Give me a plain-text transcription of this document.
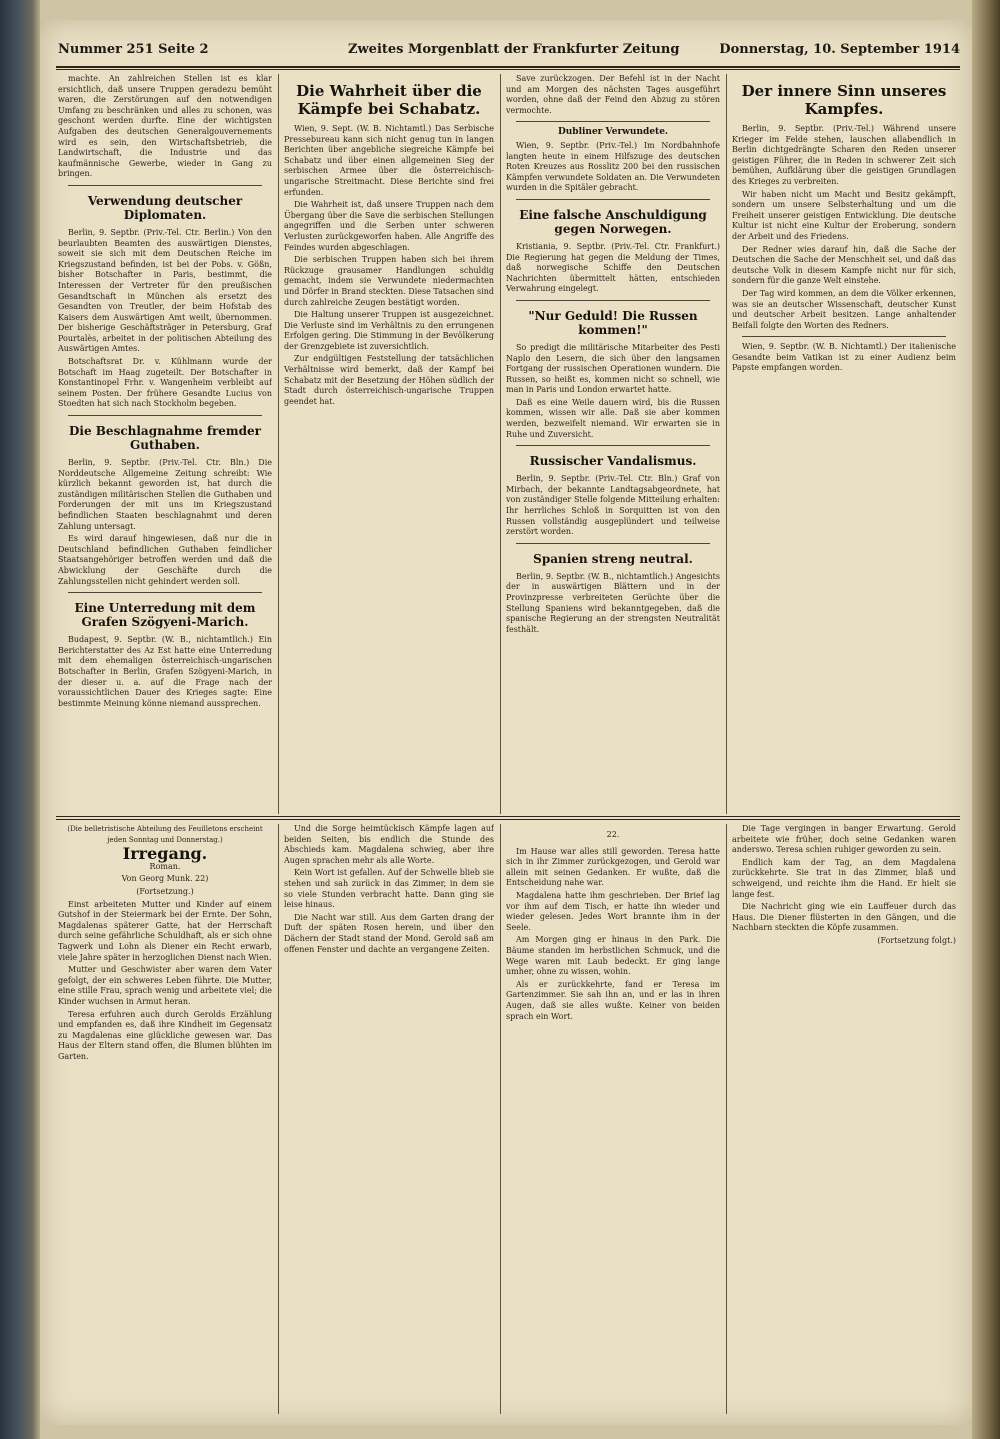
Nummer 251 Seite 2	Zweites Morgenblatt der Frankfurter Zeitung	Donnerstag, 10. September 1914

machte. An zahlreichen Stellen ist es klar ersichtlich, daß unsere Truppen geradezu bemüht waren, die Zerstörungen auf den notwendigen Umfang zu beschränken und alles zu schonen, was geschont werden durfte. Eine der wichtigsten Aufgaben des deutschen Generalgouvernements wird es sein, den Wirtschaftsbetrieb, die Landwirtschaft, die Industrie und das kaufmännische Gewerbe, wieder in Gang zu bringen.

Verwendung deutscher Diplomaten.

Berlin, 9. Septbr. (Priv.-Tel. Ctr. Berlin.) Von den beurlaubten Beamten des auswärtigen Dienstes, soweit sie sich mit dem Deutschen Reiche im Kriegszustand befinden, ist bei der Pobs. v. Gößn, bisher Botschafter in Paris, bestimmt, die Interessen der Vertreter für den preußischen Gesandtschaft in München als ersetzt des Gesandten von Treutler, der beim Hofstab des Kaisers dem Auswärtigen Amt weilt, übernommen. Der bisherige Geschäftsträger in Petersburg, Graf Pourtalès, arbeitet in der politischen Abteilung des Auswärtigen Amtes.

Botschaftsrat Dr. v. Kühlmann wurde der Botschaft im Haag zugeteilt. Der Botschafter in Konstantinopel Frhr. v. Wangenheim verbleibt auf seinem Posten. Der frühere Gesandte Lucius von Stoedten hat sich nach Stockholm begeben.

Die Beschlagnahme fremder Guthaben.

Berlin, 9. Septbr. (Priv.-Tel. Ctr. Bln.) Die Norddeutsche Allgemeine Zeitung schreibt: Wie kürzlich bekannt geworden ist, hat durch die zuständigen militärischen Stellen die Guthaben und Forderungen der mit uns im Kriegszustand befindlichen Staaten beschlagnahmt und deren Zahlung untersagt.

Es wird darauf hingewiesen, daß nur die in Deutschland befindlichen Guthaben feindlicher Staatsangehöriger betroffen werden und daß die Abwicklung der Geschäfte durch die Zahlungsstellen nicht gehindert werden soll.

Eine Unterredung mit dem Grafen Szögyeni-Marich.

Budapest, 9. Septbr. (W. B., nichtamtlich.) Ein Berichterstatter des Az Est hatte eine Unterredung mit dem ehemaligen österreichisch-ungarischen Botschafter in Berlin, Grafen Szögyeni-Marich, in der dieser u. a. auf die Frage nach der voraussichtlichen Dauer des Krieges sagte: Eine bestimmte Meinung könne niemand aussprechen.

Die Wahrheit über die Kämpfe bei Schabatz.

Wien, 9. Sept. (W. B. Nichtamtl.) Das Serbische Pressebureau kann sich nicht genug tun in langen Berichten über angebliche siegreiche Kämpfe bei Schabatz und über einen allgemeinen Sieg der serbischen Armee über die österreichisch-ungarische Streitmacht. Diese Berichte sind frei erfunden.

Die Wahrheit ist, daß unsere Truppen nach dem Übergang über die Save die serbischen Stellungen angegriffen und die Serben unter schweren Verlusten zurückgeworfen haben. Alle Angriffe des Feindes wurden abgeschlagen.

Die serbischen Truppen haben sich bei ihrem Rückzuge grausamer Handlungen schuldig gemacht, indem sie Verwundete niedermachten und Dörfer in Brand steckten. Diese Tatsachen sind durch zahlreiche Zeugen bestätigt worden.

Die Haltung unserer Truppen ist ausgezeichnet. Die Verluste sind im Verhältnis zu den errungenen Erfolgen gering. Die Stimmung in der Bevölkerung der Grenzgebiete ist zuversichtlich.

Zur endgültigen Feststellung der tatsächlichen Verhältnisse wird bemerkt, daß der Kampf bei Schabatz mit der Besetzung der Höhen südlich der Stadt durch österreichisch-ungarische Truppen geendet hat.

Save zurückzogen. Der Befehl ist in der Nacht und am Morgen des nächsten Tages ausgeführt worden, ohne daß der Feind den Abzug zu stören vermochte.

Dubliner Verwundete.

Wien, 9. Septbr. (Priv.-Tel.) Im Nordbahnhofe langten heute in einem Hilfszuge des deutschen Roten Kreuzes aus Rosslitz 200 bei den russischen Kämpfen verwundete Soldaten an. Die Verwundeten wurden in die Spitäler gebracht.

Eine falsche Anschuldigung gegen Norwegen.

Kristiania, 9. Septbr. (Priv.-Tel. Ctr. Frankfurt.) Die Regierung hat gegen die Meldung der Times, daß norwegische Schiffe den Deutschen Nachrichten übermittelt hätten, entschieden Verwahrung eingelegt.

"Nur Geduld! Die Russen kommen!"

So predigt die militärische Mitarbeiter des Pesti Naplo den Lesern, die sich über den langsamen Fortgang der russischen Operationen wundern. Die Russen, so heißt es, kommen nicht so schnell, wie man in Paris und London erwartet hatte.

Daß es eine Weile dauern wird, bis die Russen kommen, wissen wir alle. Daß sie aber kommen werden, bezweifelt niemand. Wir erwarten sie in Ruhe und Zuversicht.

Russischer Vandalismus.

Berlin, 9. Septbr. (Priv.-Tel. Ctr. Bln.) Graf von Mirbach, der bekannte Landtagsabgeordnete, hat von zuständiger Stelle folgende Mitteilung erhalten: Ihr herrliches Schloß in Sorquitten ist von den Russen vollständig ausgeplündert und teilweise zerstört worden.

Spanien streng neutral.

Berlin, 9. Septbr. (W. B., nichtamtlich.) Angesichts der in auswärtigen Blättern und in der Provinzpresse verbreiteten Gerüchte über die Stellung Spaniens wird bekanntgegeben, daß die spanische Regierung an der strengsten Neutralität festhält.

Der innere Sinn unseres Kampfes.

Berlin, 9. Septbr. (Priv.-Tel.) Während unsere Krieger im Felde stehen, lauschen allabendlich in Berlin dichtgedrängte Scharen den Reden unserer geistigen Führer, die in Reden in schwerer Zeit sich bemühen, Aufklärung über die geistigen Grundlagen des Krieges zu verbreiten.

Wir haben nicht um Macht und Besitz gekämpft, sondern um unsere Selbsterhaltung und um die Freiheit unserer geistigen Entwicklung. Die deutsche Kultur ist nicht eine Kultur der Eroberung, sondern der Arbeit und des Friedens.

Der Redner wies darauf hin, daß die Sache der Deutschen die Sache der Menschheit sei, und daß das deutsche Volk in diesem Kampfe nicht nur für sich, sondern für die ganze Welt einstehe.

Der Tag wird kommen, an dem die Völker erkennen, was sie an deutscher Wissenschaft, deutscher Kunst und deutscher Arbeit besitzen. Lange anhaltender Beifall folgte den Worten des Redners.

Wien, 9. Septbr. (W. B. Nichtamtl.) Der italienische Gesandte beim Vatikan ist zu einer Audienz beim Papste empfangen worden.

(Die belletristische Abteilung des Feuilletons erscheint jeden Sonntag und Donnerstag.)

Irregang.

Roman.

Von Georg Munk. 22)

(Fortsetzung.)

Einst arbeiteten Mutter und Kinder auf einem Gutshof in der Steiermark bei der Ernte. Der Sohn, Magdalenas späterer Gatte, hat der Herrschaft durch seine gefährliche Schuldhaft, als er sich ohne Tagwerk und Lohn als Diener ein Recht erwarb, viele Jahre später in herzoglichen Dienst nach Wien.

Mutter und Geschwister aber waren dem Vater gefolgt, der ein schweres Leben führte. Die Mutter, eine stille Frau, sprach wenig und arbeitete viel; die Kinder wuchsen in Armut heran.

Teresa erfuhren auch durch Gerolds Erzählung und empfanden es, daß ihre Kindheit im Gegensatz zu Magdalenas eine glückliche gewesen war. Das Haus der Eltern stand offen, die Blumen blühten im Garten.

Und die Sorge heimtückisch Kämpfe lagen auf beiden Seiten, bis endlich die Stunde des Abschieds kam. Magdalena schwieg, aber ihre Augen sprachen mehr als alle Worte.

Kein Wort ist gefallen. Auf der Schwelle blieb sie stehen und sah zurück in das Zimmer, in dem sie so viele Stunden verbracht hatte. Dann ging sie leise hinaus.

Die Nacht war still. Aus dem Garten drang der Duft der späten Rosen herein, und über den Dächern der Stadt stand der Mond. Gerold saß am offenen Fenster und dachte an vergangene Zeiten.

22.

Im Hause war alles still geworden. Teresa hatte sich in ihr Zimmer zurückgezogen, und Gerold war allein mit seinen Gedanken. Er wußte, daß die Entscheidung nahe war.

Magdalena hatte ihm geschrieben. Der Brief lag vor ihm auf dem Tisch, er hatte ihn wieder und wieder gelesen. Jedes Wort brannte ihm in der Seele.

Am Morgen ging er hinaus in den Park. Die Bäume standen im herbstlichen Schmuck, und die Wege waren mit Laub bedeckt. Er ging lange umher, ohne zu wissen, wohin.

Als er zurückkehrte, fand er Teresa im Gartenzimmer. Sie sah ihn an, und er las in ihren Augen, daß sie alles wußte. Keiner von beiden sprach ein Wort.

Die Tage vergingen in banger Erwartung. Gerold arbeitete wie früher, doch seine Gedanken waren anderswo. Teresa schien ruhiger geworden zu sein.

Endlich kam der Tag, an dem Magdalena zurückkehrte. Sie trat in das Zimmer, blaß und schweigend, und reichte ihm die Hand. Er hielt sie lange fest.

Die Nachricht ging wie ein Lauffeuer durch das Haus. Die Diener flüsterten in den Gängen, und die Nachbarn steckten die Köpfe zusammen.

(Fortsetzung folgt.)
